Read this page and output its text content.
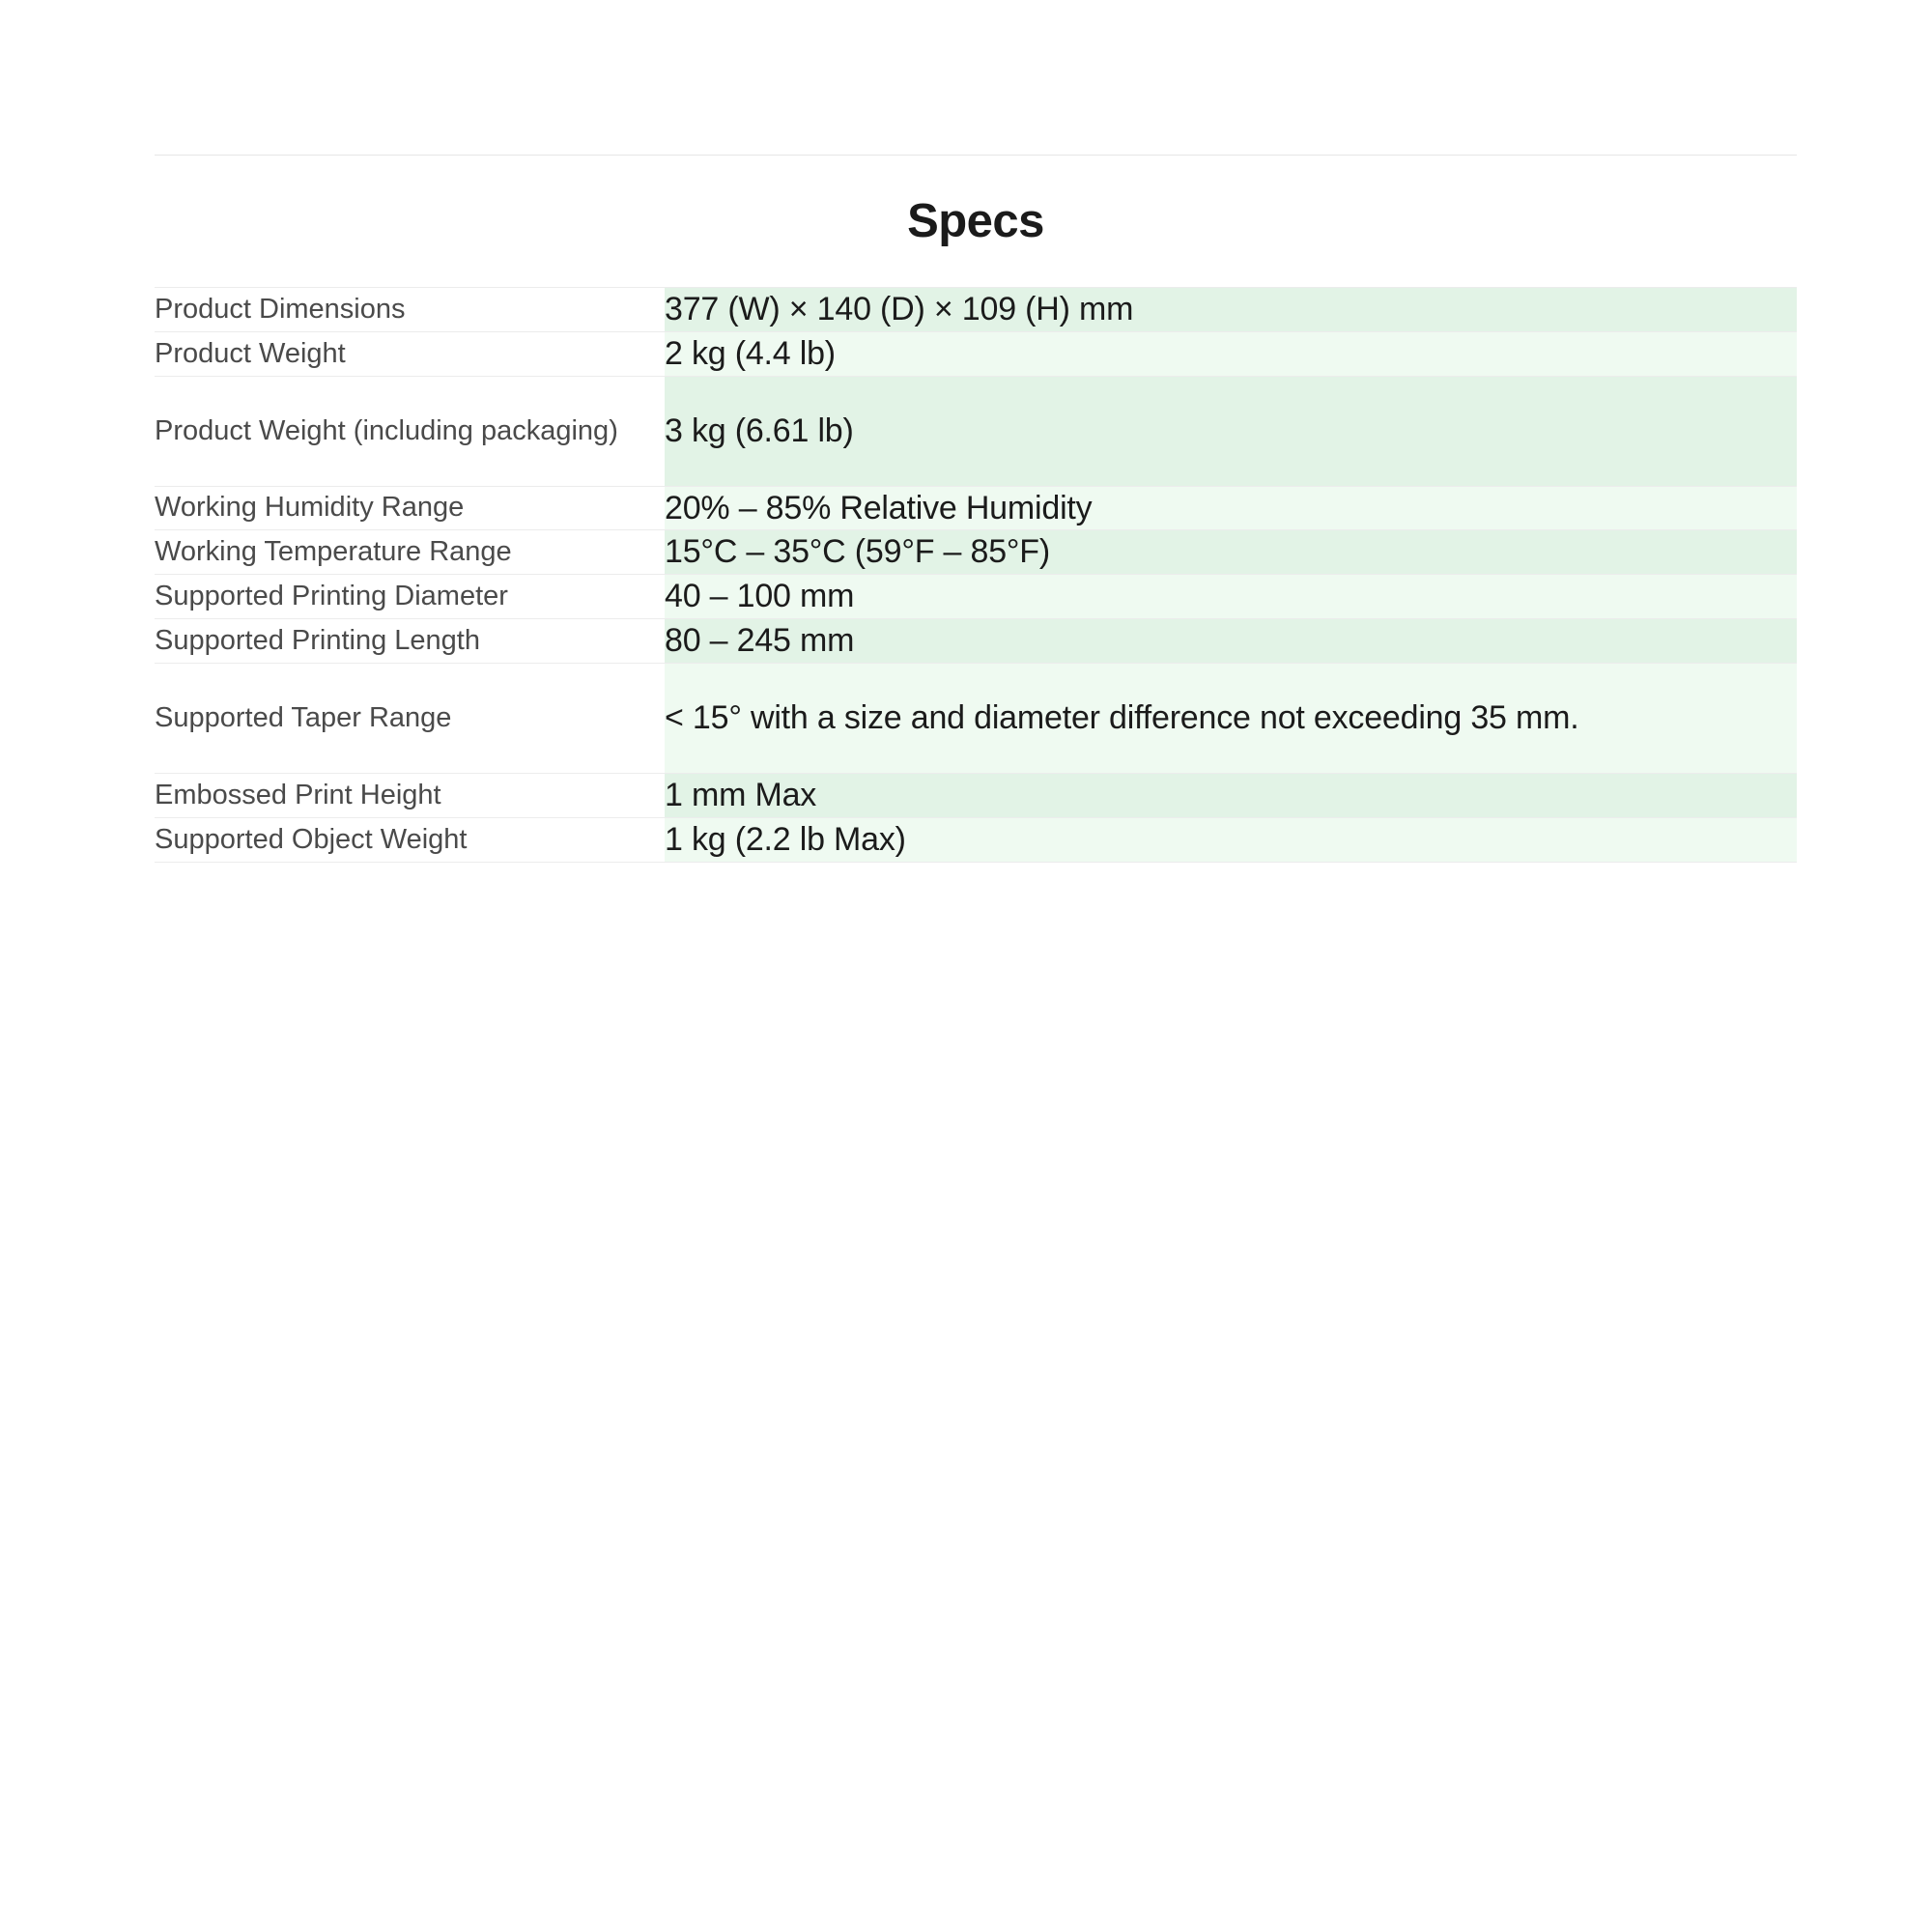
Specs
Product Dimensions	377 (W) × 140 (D) × 109 (H) mm
Product Weight	2 kg (4.4 lb)
Product Weight (including packaging)	3 kg (6.61 lb)
Working Humidity Range	20% – 85% Relative Humidity
Working Temperature Range	15°C – 35°C (59°F – 85°F)
Supported Printing Diameter	40 – 100 mm
Supported Printing Length	80 – 245 mm
Supported Taper Range	< 15° with a size and diameter difference not exceeding 35 mm.
Embossed Print Height	1 mm Max
Supported Object Weight	1 kg (2.2 lb Max)
